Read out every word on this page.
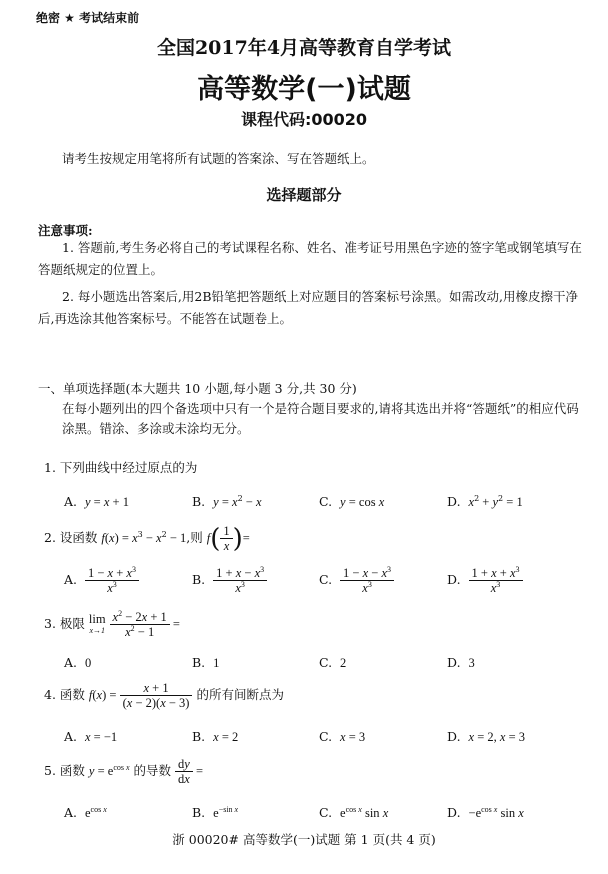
绝密 ★ 考试结束前
全国2017年4月高等教育自学考试
高等数学(一)试题
课程代码:00020
请考生按规定用笔将所有试题的答案涂、写在答题纸上。
选择题部分
注意事项:
1. 答题前,考生务必将自己的考试课程名称、姓名、准考证号用黑色字迹的签字笔或钢笔填写在答题纸规定的位置上。
2. 每小题选出答案后,用2B铅笔把答题纸上对应题目的答案标号涂黑。如需改动,用橡皮擦干净后,再选涂其他答案标号。不能答在试题卷上。
一、单项选择题(本大题共 10 小题,每小题 3 分,共 30 分)
在每小题列出的四个备选项中只有一个是符合题目要求的,请将其选出并将“答题纸”的相应代码涂黑。错涂、多涂或未涂均无分。
1. 下列曲线中经过原点的为
A. y = x + 1	B. $y = x^2 - x$	C. y = cos x	D. $x^2 + y^2 = 1$
2. 设函数 $f(x) = x^3 - x^2 - 1$,则 $f( \frac{1}{x}$ )=
A. $\frac{1 - x + x^3}{x^3}$	B. $\frac{1 + x - x^3}{x^3}$	C. $\frac{1 - x - x^3}{x^3}$	D. $\frac{1 + x + x^3}{x^3}$
3. 极限 lim
x→1
$\frac{x^2 - 2x + 1}{x^2 - 1}$ =
A. 0	B. 1	C. 2	D. 3
4. 函数 $f(x) = \frac{x + 1}{(x - 2)(x - 3)}$ 的所有间断点为
A. x = −1	B. x = 2	C. x = 3	D. x = 2, x = 3
5. 函数 $y = e^{cos x}$ 的导数 $\frac{dy}{dx}$ =
A. $e^{cos x}$	B. $e^{-sin x}$	C. $e^{cos x}$ sin x	D. $-e^{cos x}$ sin x
浙 00020# 高等数学(一)试题 第 1 页(共 4 页)
